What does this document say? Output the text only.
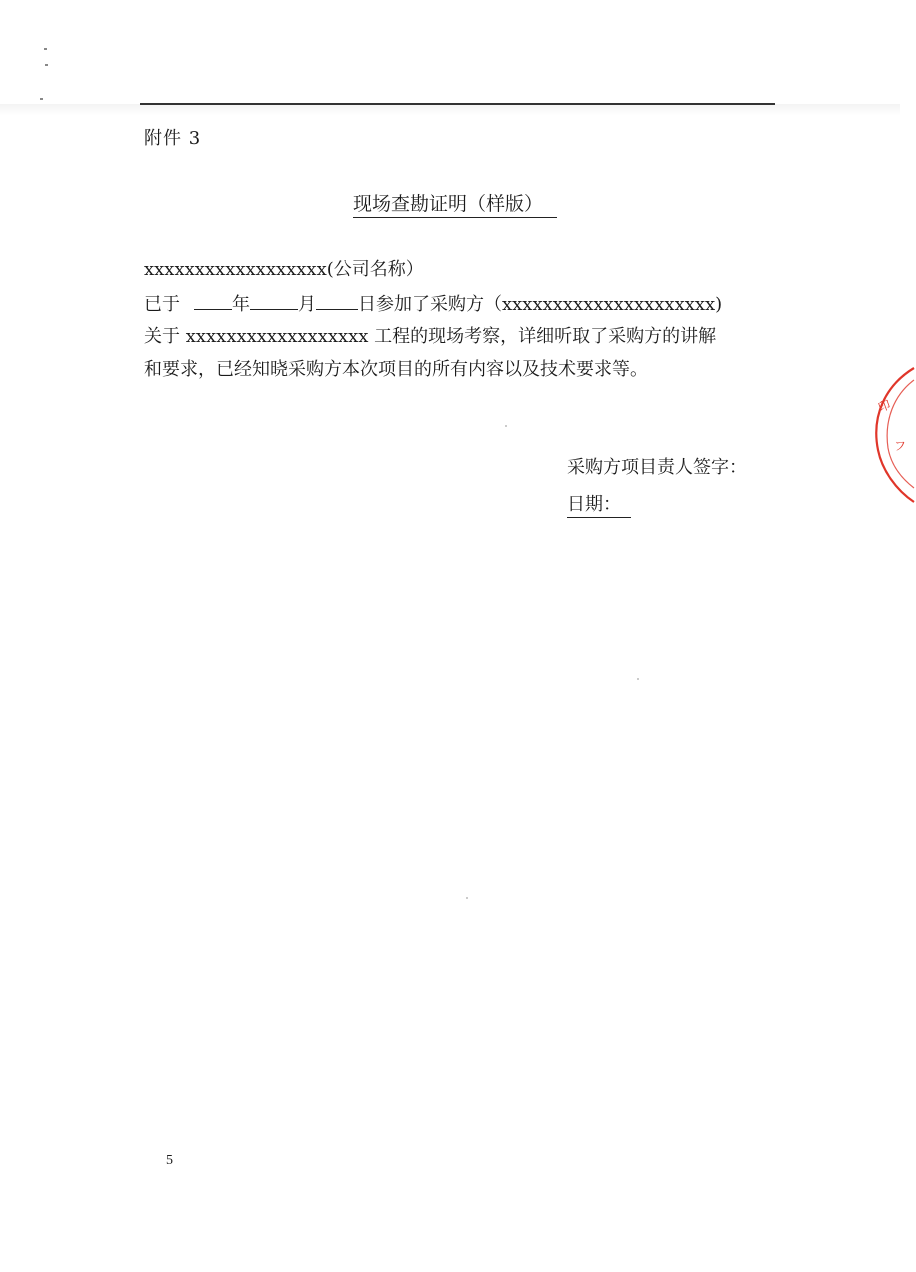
附件 3
现场查勘证明（样版）
xxxxxxxxxxxxxxxxxx(公司名称）
已于	年	月 日参加了采购方（xxxxxxxxxxxxxxxxxxxxx)
关于 xxxxxxxxxxxxxxxxxx 工程的现场考察，详细听取了采购方的讲解
和要求，已经知晓采购方本次项目的所有内容以及技术要求等。
采购方项目责人签字：
日期：
5
印
フ
